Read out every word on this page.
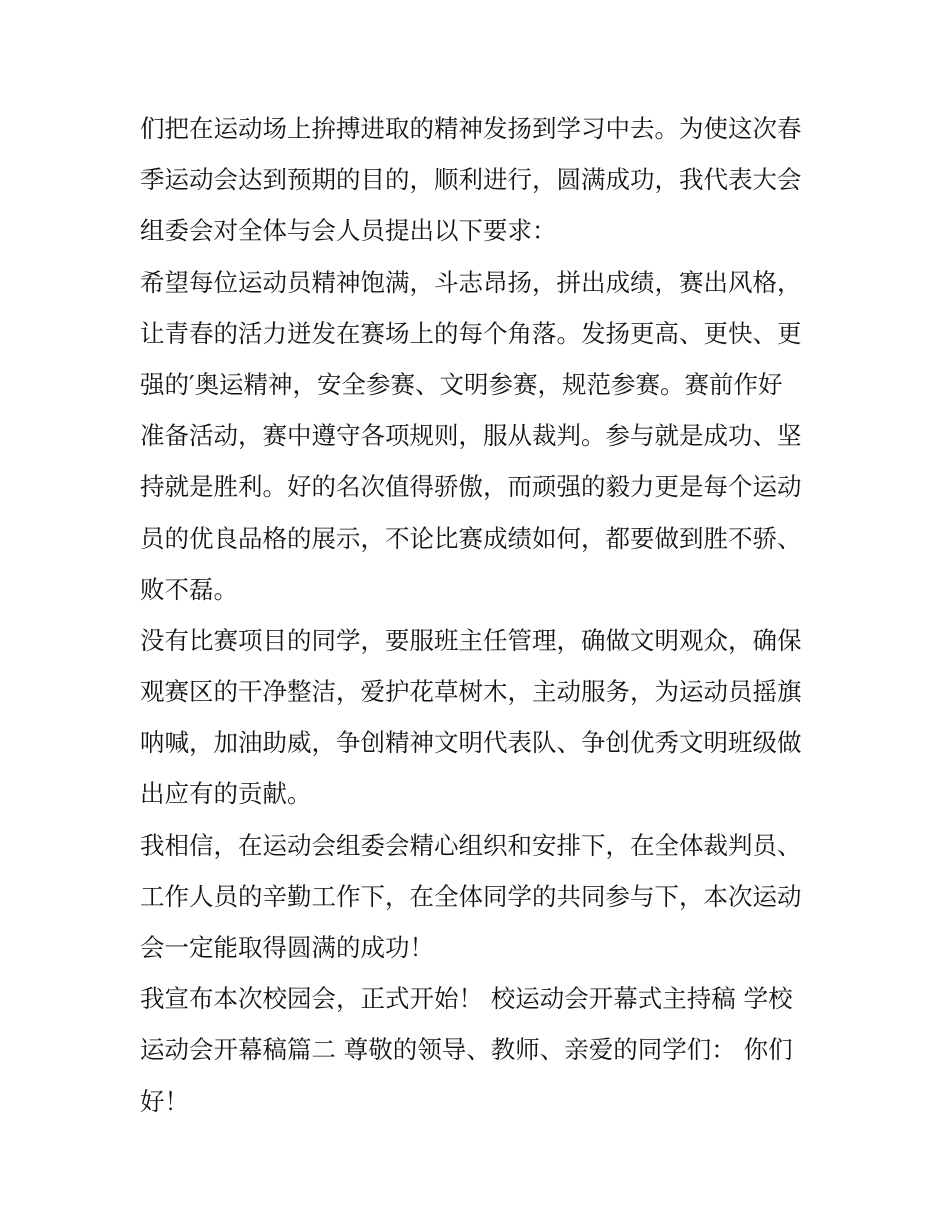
们把在运动场上拚搏进取的精神发扬到学习中去。为使这次春
季运动会达到预期的目的，顺利进行，圆满成功，我代表大会
组委会对全体与会人员提出以下要求：
希望每位运动员精神饱满，斗志昂扬，拼出成绩，赛出风格，
让青春的活力迸发在赛场上的每个角落。发扬更高、更快、更
强的′奥运精神，安全参赛、文明参赛，规范参赛。赛前作好
准备活动，赛中遵守各项规则，服从裁判。参与就是成功、坚
持就是胜利。好的名次值得骄傲，而顽强的毅力更是每个运动
员的优良品格的展示，不论比赛成绩如何，都要做到胜不骄、
败不磊。
没有比赛项目的同学，要服班主任管理，确做文明观众，确保
观赛区的干净整洁，爱护花草树木，主动服务，为运动员摇旗
呐喊，加油助威，争创精神文明代表队、争创优秀文明班级做
出应有的贡献。
我相信，在运动会组委会精心组织和安排下，在全体裁判员、
工作人员的辛勤工作下，在全体同学的共同参与下，本次运动
会一定能取得圆满的成功！
我宣布本次校园会，正式开始！ 校运动会开幕式主持稿 学校
运动会开幕稿篇二 尊敬的领导、教师、亲爱的同学们： 你们
好！
